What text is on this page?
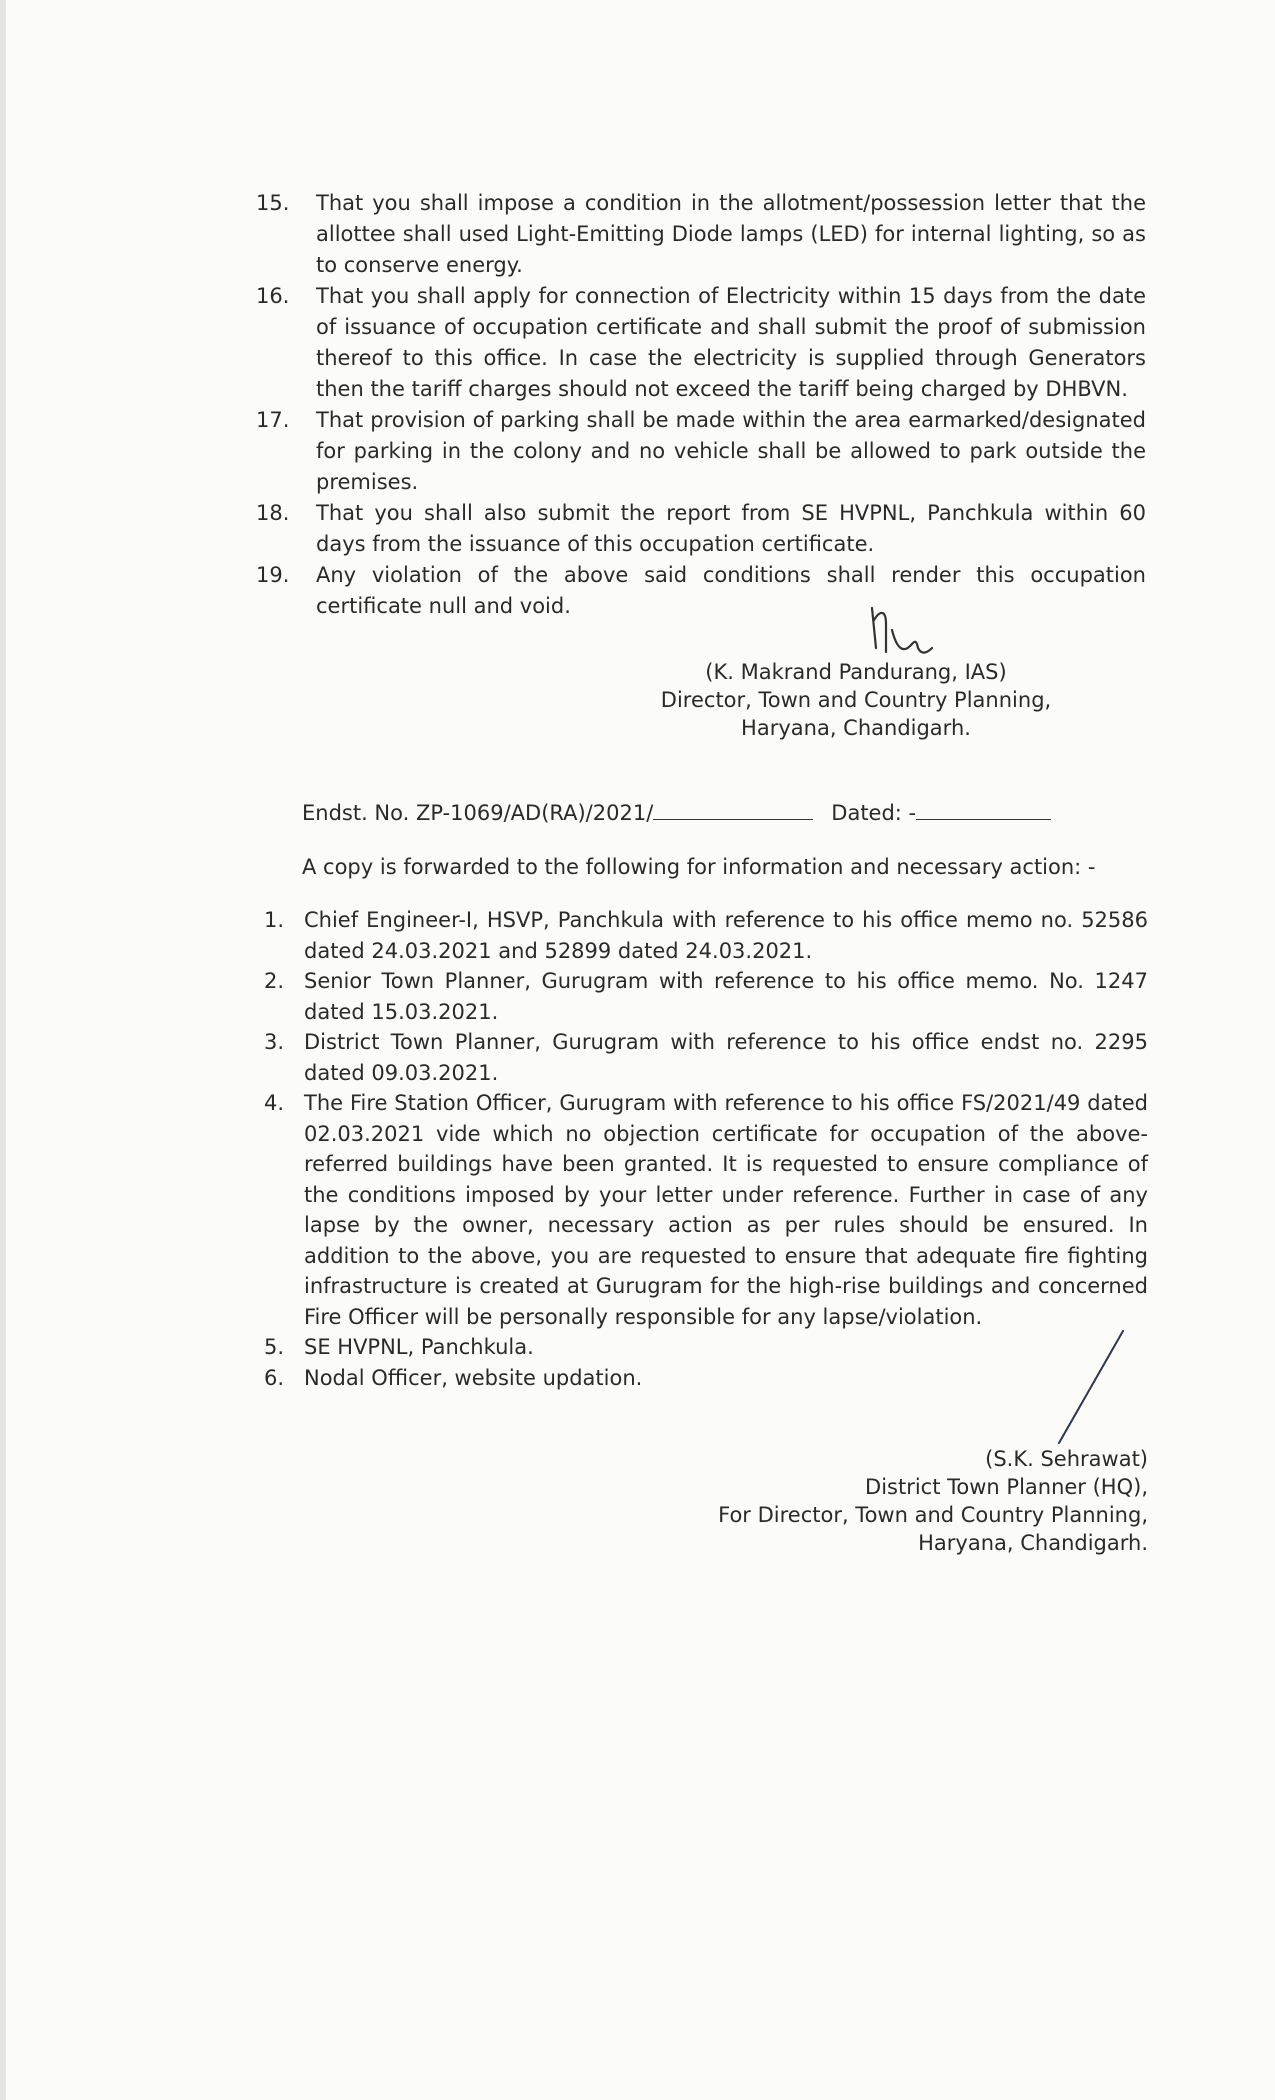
15.	That you shall impose a condition in the allotment/possession letter that the allottee shall used Light-Emitting Diode lamps (LED) for internal lighting, so as to conserve energy.
16.	That you shall apply for connection of Electricity within 15 days from the date of issuance of occupation certificate and shall submit the proof of submission thereof to this office. In case the electricity is supplied through Generators then the tariff charges should not exceed the tariff being charged by DHBVN.
17.	That provision of parking shall be made within the area earmarked/designated for parking in the colony and no vehicle shall be allowed to park outside the premises.
18.	That you shall also submit the report from SE HVPNL, Panchkula within 60 days from the issuance of this occupation certificate.
19.	Any violation of the above said conditions shall render this occupation certificate null and void.
(K. Makrand Pandurang, IAS)
Director, Town and Country Planning,
Haryana, Chandigarh.
Endst. No. ZP-1069/AD(RA)/2021/	Dated: -
A copy is forwarded to the following for information and necessary action: -
1. Chief Engineer-I, HSVP, Panchkula with reference to his office memo no. 52586 dated 24.03.2021 and 52899 dated 24.03.2021.
2. Senior Town Planner, Gurugram with reference to his office memo. No. 1247 dated 15.03.2021.
3. District Town Planner, Gurugram with reference to his office endst no. 2295 dated 09.03.2021.
4. The Fire Station Officer, Gurugram with reference to his office FS/2021/49 dated 02.03.2021 vide which no objection certificate for occupation of the above-referred buildings have been granted. It is requested to ensure compliance of the conditions imposed by your letter under reference. Further in case of any lapse by the owner, necessary action as per rules should be ensured. In addition to the above, you are requested to ensure that adequate fire fighting infrastructure is created at Gurugram for the high-rise buildings and concerned Fire Officer will be personally responsible for any lapse/violation.
5. SE HVPNL, Panchkula.
6. Nodal Officer, website updation.
(S.K. Sehrawat)
District Town Planner (HQ),
For Director, Town and Country Planning,
Haryana, Chandigarh.
